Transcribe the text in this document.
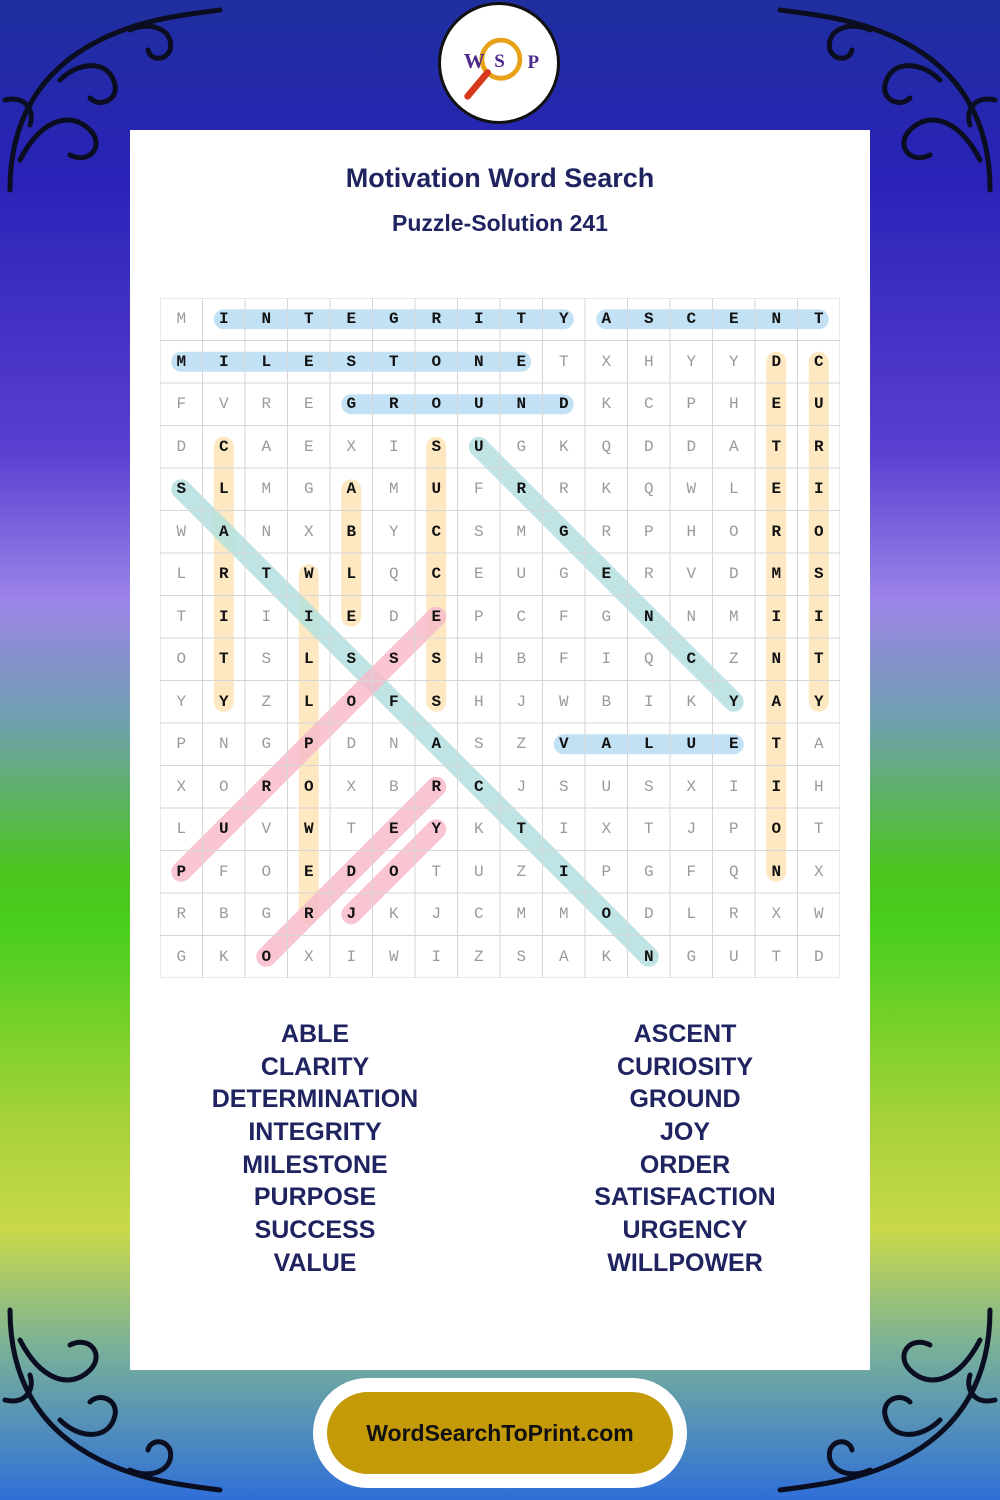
W S P
Motivation Word Search
Puzzle-Solution 241
M	I	N	T	E	G	R	I	T	Y	A	S	C	E	N	T
M	I	L	E	S	T	O	N	E	T	X	H	Y	Y	D	C
F	V	R	E	G	R	O	U	N	D	K	C	P	H	E	U
D	C	A	E	X	I	S	U	G	K	Q	D	D	A	T	R
S	L	M	G	A	M	U	F	R	R	K	Q	W	L	E	I
W	A	N	X	B	Y	C	S	M	G	R	P	H	O	R	O
L	R	T	W	L	Q	C	E	U	G	E	R	V	D	M	S
T	I	I	I	E	D	E	P	C	F	G	N	N	M	I	I
O	T	S	L	S	S	S	H	B	F	I	Q	C	Z	N	T
Y	Y	Z	L	O	F	S	H	J	W	B	I	K	Y	A	Y
P	N	G	P	D	N	A	S	Z	V	A	L	U	E	T	A
X	O	R	O	X	B	R	C	J	S	U	S	X	I	I	H
L	U	V	W	T	E	Y	K	T	I	X	T	J	P	O	T
P	F	O	E	D	O	T	U	Z	I	P	G	F	Q	N	X
R	B	G	R	J	K	J	C	M	M	O	D	L	R	X	W
G	K	O	X	I	W	I	Z	S	A	K	N	G	U	T	D
ABLE
CLARITY
DETERMINATION
INTEGRITY
MILESTONE
PURPOSE
SUCCESS
VALUE
ASCENT
CURIOSITY
GROUND
JOY
ORDER
SATISFACTION
URGENCY
WILLPOWER
WordSearchToPrint.com
